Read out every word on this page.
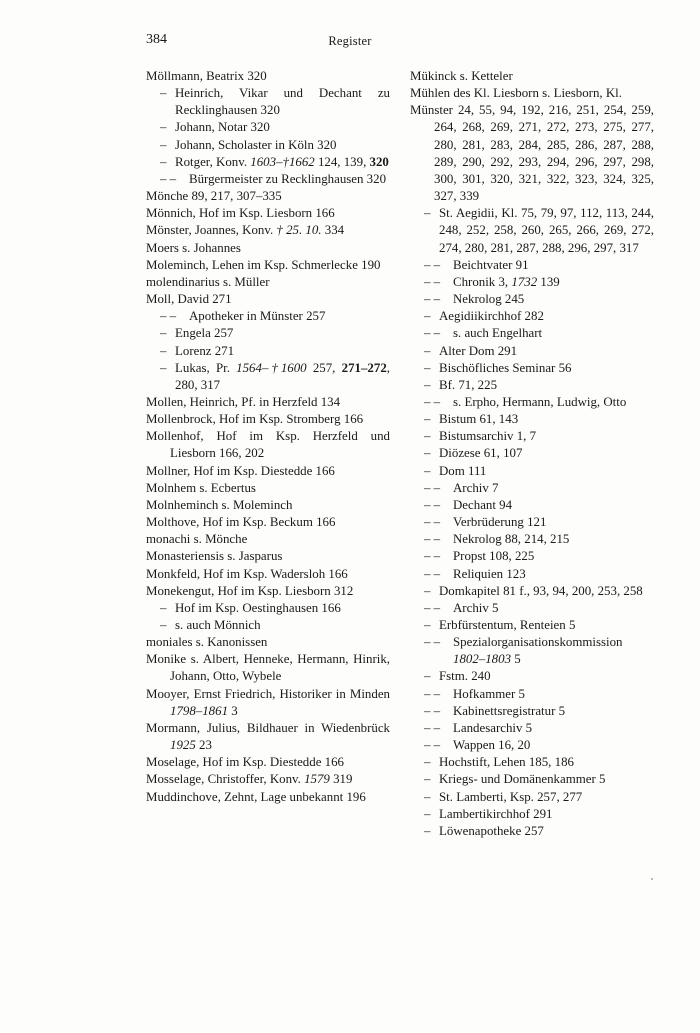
384	Register

Möllmann, Beatrix 320

– Heinrich, Vikar und Dechant zu Recklinghausen 320

– Johann, Notar 320

– Johann, Scholaster in Köln 320

– Rotger, Konv. 1603–†1662 124, 139, 320

– – Bürgermeister zu Recklinghausen 320

Mönche 89, 217, 307–335

Mönnich, Hof im Ksp. Liesborn 166

Mönster, Joannes, Konv. † 25. 10. 334

Moers s. Johannes

Moleminch, Lehen im Ksp. Schmerlecke 190

molendinarius s. Müller

Moll, David 271

– – Apotheker in Münster 257

– Engela 257

– Lorenz 271

– Lukas, Pr. 1564–†1600 257, 271–272, 280, 317

Mollen, Heinrich, Pf. in Herzfeld 134

Mollenbrock, Hof im Ksp. Stromberg 166

Mollenhof, Hof im Ksp. Herzfeld und Liesborn 166, 202

Mollner, Hof im Ksp. Diestedde 166

Molnhem s. Ecbertus

Molnheminch s. Moleminch

Molthove, Hof im Ksp. Beckum 166

monachi s. Mönche

Monasteriensis s. Jasparus

Monkfeld, Hof im Ksp. Wadersloh 166

Monekengut, Hof im Ksp. Liesborn 312

– Hof im Ksp. Oestinghausen 166

– s. auch Mönnich

moniales s. Kanonissen

Monike s. Albert, Henneke, Hermann, Hinrik, Johann, Otto, Wybele

Mooyer, Ernst Friedrich, Historiker in Minden 1798–1861 3

Mormann, Julius, Bildhauer in Wiedenbrück 1925 23

Moselage, Hof im Ksp. Diestedde 166

Mosselage, Christoffer, Konv. 1579 319

Muddinchove, Zehnt, Lage unbekannt 196

Mükinck s. Ketteler

Mühlen des Kl. Liesborn s. Liesborn, Kl.

Münster 24, 55, 94, 192, 216, 251, 254, 259, 264, 268, 269, 271, 272, 273, 275, 277, 280, 281, 283, 284, 285, 286, 287, 288, 289, 290, 292, 293, 294, 296, 297, 298, 300, 301, 320, 321, 322, 323, 324, 325, 327, 339

– St. Aegidii, Kl. 75, 79, 97, 112, 113, 244, 248, 252, 258, 260, 265, 266, 269, 272, 274, 280, 281, 287, 288, 296, 297, 317

– – Beichtvater 91

– – Chronik 3, 1732 139

– – Nekrolog 245

– Aegidiikirchhof 282

– – s. auch Engelhart

– Alter Dom 291

– Bischöfliches Seminar 56

– Bf. 71, 225

– – s. Erpho, Hermann, Ludwig, Otto

– Bistum 61, 143

– Bistumsarchiv 1, 7

– Diözese 61, 107

– Dom 111

– – Archiv 7

– – Dechant 94

– – Verbrüderung 121

– – Nekrolog 88, 214, 215

– – Propst 108, 225

– – Reliquien 123

– Domkapitel 81 f., 93, 94, 200, 253, 258

– – Archiv 5

– Erbfürstentum, Renteien 5

– – Spezialorganisationskommission 1802–1803 5

– Fstm. 240

– – Hofkammer 5

– – Kabinettsregistratur 5

– – Landesarchiv 5

– – Wappen 16, 20

– Hochstift, Lehen 185, 186

– Kriegs- und Domänenkammer 5

– St. Lamberti, Ksp. 257, 277

– Lambertikirchhof 291

– Löwenapotheke 257
